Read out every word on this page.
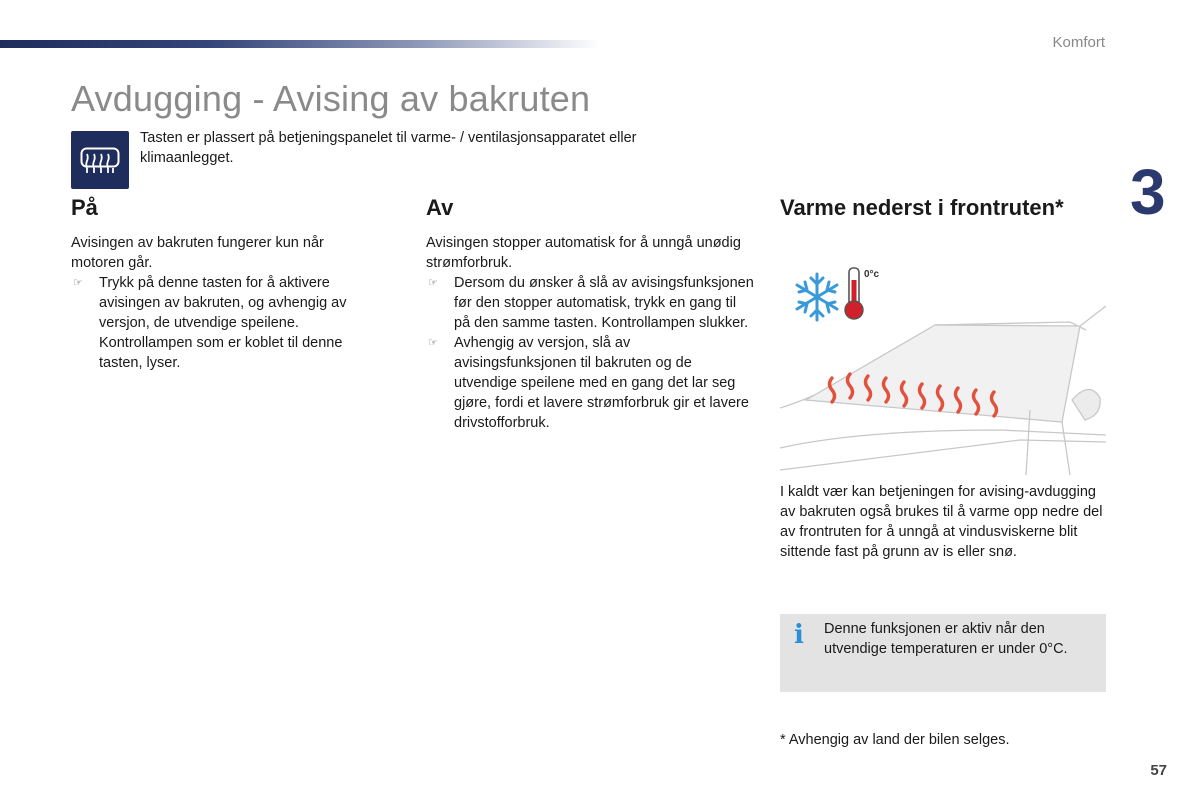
Komfort
Avdugging - Avising av bakruten
3

Tasten er plassert på betjeningspanelet til varme- / ventilasjonsapparatet eller klimaanlegget.

På

Avisingen av bakruten fungerer kun når motoren går.

☞ Trykk på denne tasten for å aktivere avisingen av bakruten, og avhengig av versjon, de utvendige speilene. Kontrollampen som er koblet til denne tasten, lyser.
Av

Avisingen stopper automatisk for å unngå unødig strømforbruk.

☞ Dersom du ønsker å slå av avisingsfunksjonen før den stopper automatisk, trykk en gang til på den samme tasten. Kontrollampen slukker.
☞ Avhengig av versjon, slå av avisingsfunksjonen til bakruten og de utvendige speilene med en gang det lar seg gjøre, fordi et lavere strømforbruk gir et lavere drivstofforbruk.
Varme nederst i frontruten*
0°c

I kaldt vær kan betjeningen for avising-avdugging av bakruten også brukes til å varme opp nedre del av frontruten for å unngå at vindusviskerne blit sittende fast på grunn av is eller snø.

i Denne funksjonen er aktiv når den utvendige temperaturen er under 0°C.

* Avhengig av land der bilen selges.

57
